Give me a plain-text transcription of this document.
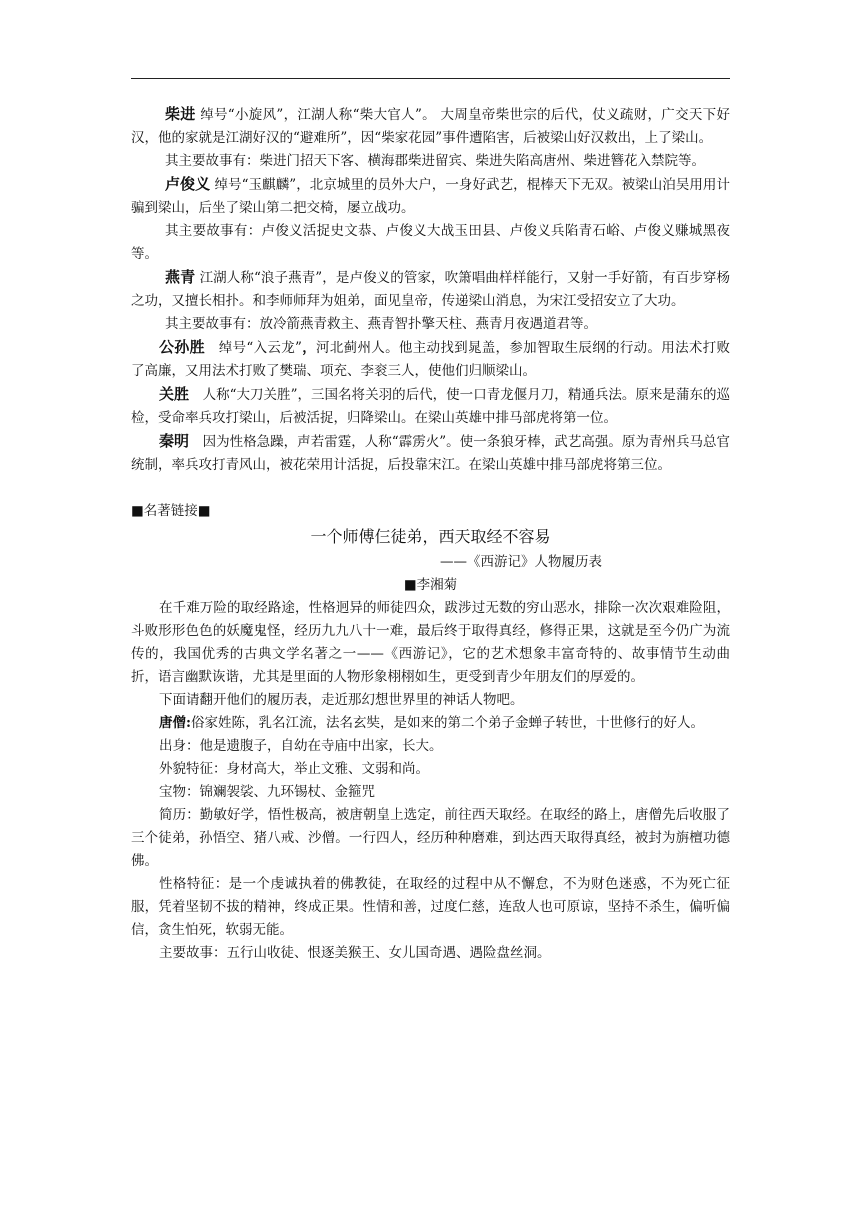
柴进 绰号“小旋风”，江湖人称“柴大官人”。 大周皇帝柴世宗的后代，仗义疏财，广交天下好汉，他的家就是江湖好汉的“避难所”，因“柴家花园”事件遭陷害，后被梁山好汉救出，上了梁山。

其主要故事有：柴进门招天下客、横海郡柴进留宾、柴进失陷高唐州、柴进簪花入禁院等。

卢俊义 绰号“玉麒麟”，北京城里的员外大户，一身好武艺，棍棒天下无双。被梁山泊吴用用计骗到梁山，后坐了梁山第二把交椅，屡立战功。

其主要故事有：卢俊义活捉史文恭、卢俊义大战玉田县、卢俊义兵陷青石峪、卢俊义赚城黑夜等。

燕青 江湖人称“浪子燕青”，是卢俊义的管家，吹箫唱曲样样能行，又射一手好箭，有百步穿杨之功，又擅长相扑。和李师师拜为姐弟，面见皇帝，传递梁山消息，为宋江受招安立了大功。

其主要故事有：放冷箭燕青救主、燕青智扑擎天柱、燕青月夜遇道君等。

公孙胜　绰号“入云龙”，河北蓟州人。他主动找到晁盖，参加智取生辰纲的行动。用法术打败了高廉，又用法术打败了樊瑞、项充、李衮三人，使他们归顺梁山。

关胜　人称“大刀关胜”，三国名将关羽的后代，使一口青龙偃月刀，精通兵法。原来是蒲东的巡检，受命率兵攻打梁山，后被活捉，归降梁山。在梁山英雄中排马部虎将第一位。

秦明　因为性格急躁，声若雷霆，人称“霹雳火”。使一条狼牙棒，武艺高强。原为青州兵马总官统制，率兵攻打青风山，被花荣用计活捉，后投靠宋江。在梁山英雄中排马部虎将第三位。

■名著链接■

一个师傅仨徒弟，西天取经不容易

——《西游记》人物履历表

■李湘菊

在千难万险的取经路途，性格迥异的师徒四众，跋涉过无数的穷山恶水，排除一次次艰难险阻，斗败形形色色的妖魔鬼怪，经历九九八十一难，最后终于取得真经，修得正果，这就是至今仍广为流传的，我国优秀的古典文学名著之一——《西游记》，它的艺术想象丰富奇特的、故事情节生动曲折，语言幽默诙谐，尤其是里面的人物形象栩栩如生，更受到青少年朋友们的厚爱的。

下面请翻开他们的履历表，走近那幻想世界里的神话人物吧。

唐僧:俗家姓陈，乳名江流，法名玄奘，是如来的第二个弟子金蝉子转世，十世修行的好人。

出身：他是遗腹子，自幼在寺庙中出家，长大。

外貌特征：身材高大，举止文雅、文弱和尚。

宝物：锦斓袈裟、九环锡杖、金箍咒

简历：勤敏好学，悟性极高，被唐朝皇上选定，前往西天取经。在取经的路上，唐僧先后收服了三个徒弟，孙悟空、猪八戒、沙僧。一行四人，经历种种磨难，到达西天取得真经，被封为旃檀功德佛。

性格特征：是一个虔诚执着的佛教徒，在取经的过程中从不懈怠，不为财色迷惑，不为死亡征服，凭着坚韧不拔的精神，终成正果。性情和善，过度仁慈，连敌人也可原谅，坚持不杀生，偏听偏信，贪生怕死，软弱无能。

主要故事：五行山收徒、恨逐美猴王、女儿国奇遇、遇险盘丝洞。
